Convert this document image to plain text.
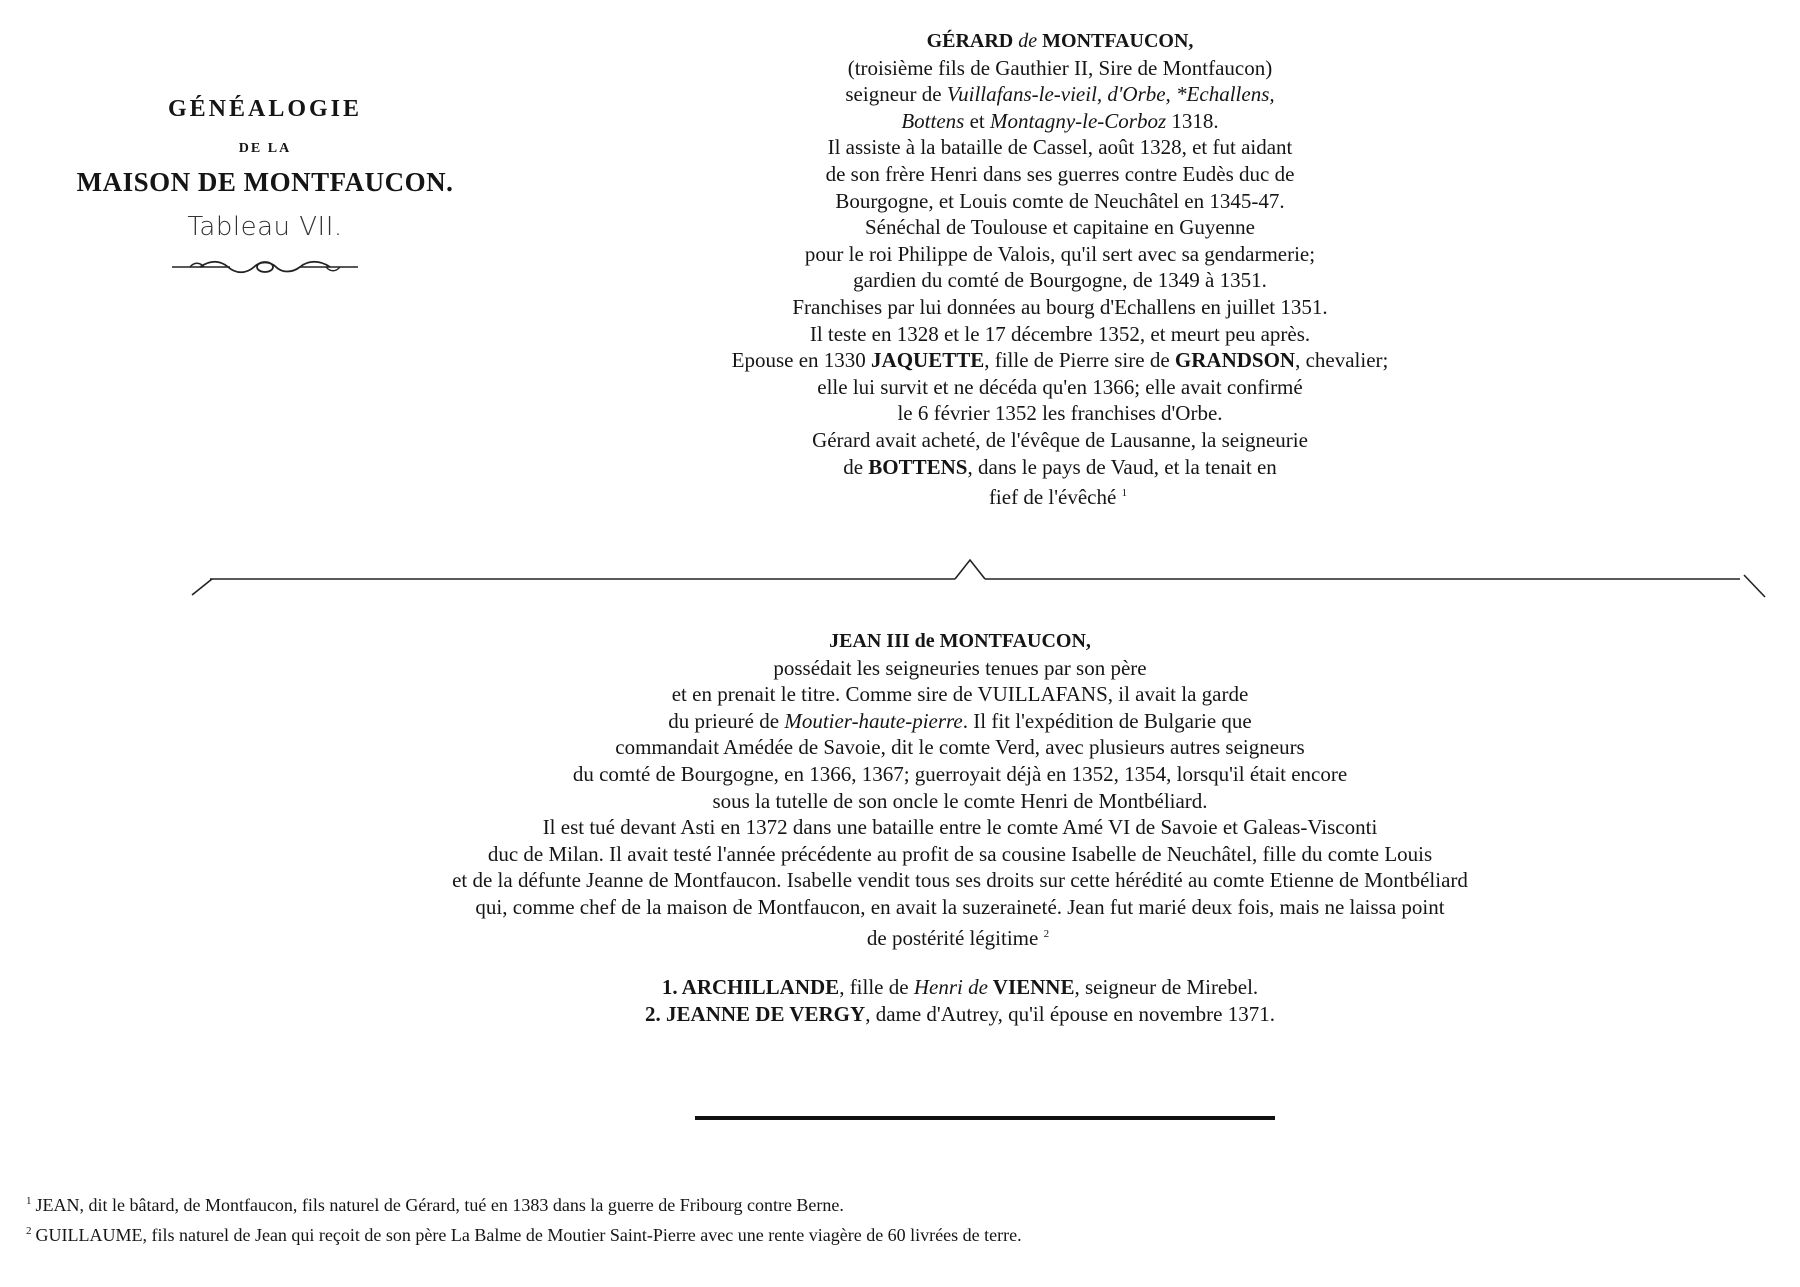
GÉNÉALOGIE
DE LA
MAISON DE MONTFAUCON.
Tableau VII.
GÉRARD de MONTFAUCON,
(troisième fils de Gauthier II, Sire de Montfaucon)
seigneur de Vuillafans-le-vieil, d'Orbe, *Echallens,
Bottens et Montagny-le-Corboz 1318.
Il assiste à la bataille de Cassel, août 1328, et fut aidant
de son frère Henri dans ses guerres contre Eudès duc de
Bourgogne, et Louis comte de Neuchâtel en 1345-47.
Sénéchal de Toulouse et capitaine en Guyenne
pour le roi Philippe de Valois, qu'il sert avec sa gendarmerie;
gardien du comté de Bourgogne, de 1349 à 1351.
Franchises par lui données au bourg d'Echallens en juillet 1351.
Il teste en 1328 et le 17 décembre 1352, et meurt peu après.
Epouse en 1330 JAQUETTE, fille de Pierre sire de GRANDSON, chevalier;
elle lui survit et ne décéda qu'en 1366; elle avait confirmé
le 6 février 1352 les franchises d'Orbe.
Gérard avait acheté, de l'évêque de Lausanne, la seigneurie
de BOTTENS, dans le pays de Vaud, et la tenait en
fief de l'évêché $^1$
JEAN III de MONTFAUCON,
possédait les seigneuries tenues par son père
et en prenait le titre. Comme sire de VUILLAFANS, il avait la garde
du prieuré de Moutier-haute-pierre. Il fit l'expédition de Bulgarie que
commandait Amédée de Savoie, dit le comte Verd, avec plusieurs autres seigneurs
du comté de Bourgogne, en 1366, 1367; guerroyait déjà en 1352, 1354, lorsqu'il était encore
sous la tutelle de son oncle le comte Henri de Montbéliard.
Il est tué devant Asti en 1372 dans une bataille entre le comte Amé VI de Savoie et Galeas-Visconti
duc de Milan. Il avait testé l'année précédente au profit de sa cousine Isabelle de Neuchâtel, fille du comte Louis
et de la défunte Jeanne de Montfaucon. Isabelle vendit tous ses droits sur cette hérédité au comte Etienne de Montbéliard
qui, comme chef de la maison de Montfaucon, en avait la suzeraineté. Jean fut marié deux fois, mais ne laissa point
de postérité légitime $^2$
1. ARCHILLANDE, fille de Henri de VIENNE, seigneur de Mirebel.
2. JEANNE DE VERGY, dame d'Autrey, qu'il épouse en novembre 1371.
$^1$ JEAN, dit le bâtard, de Montfaucon, fils naturel de Gérard, tué en 1383 dans la guerre de Fribourg contre Berne.
$^2$ GUILLAUME, fils naturel de Jean qui reçoit de son père La Balme de Moutier Saint-Pierre avec une rente viagère de 60 livrées de terre.
